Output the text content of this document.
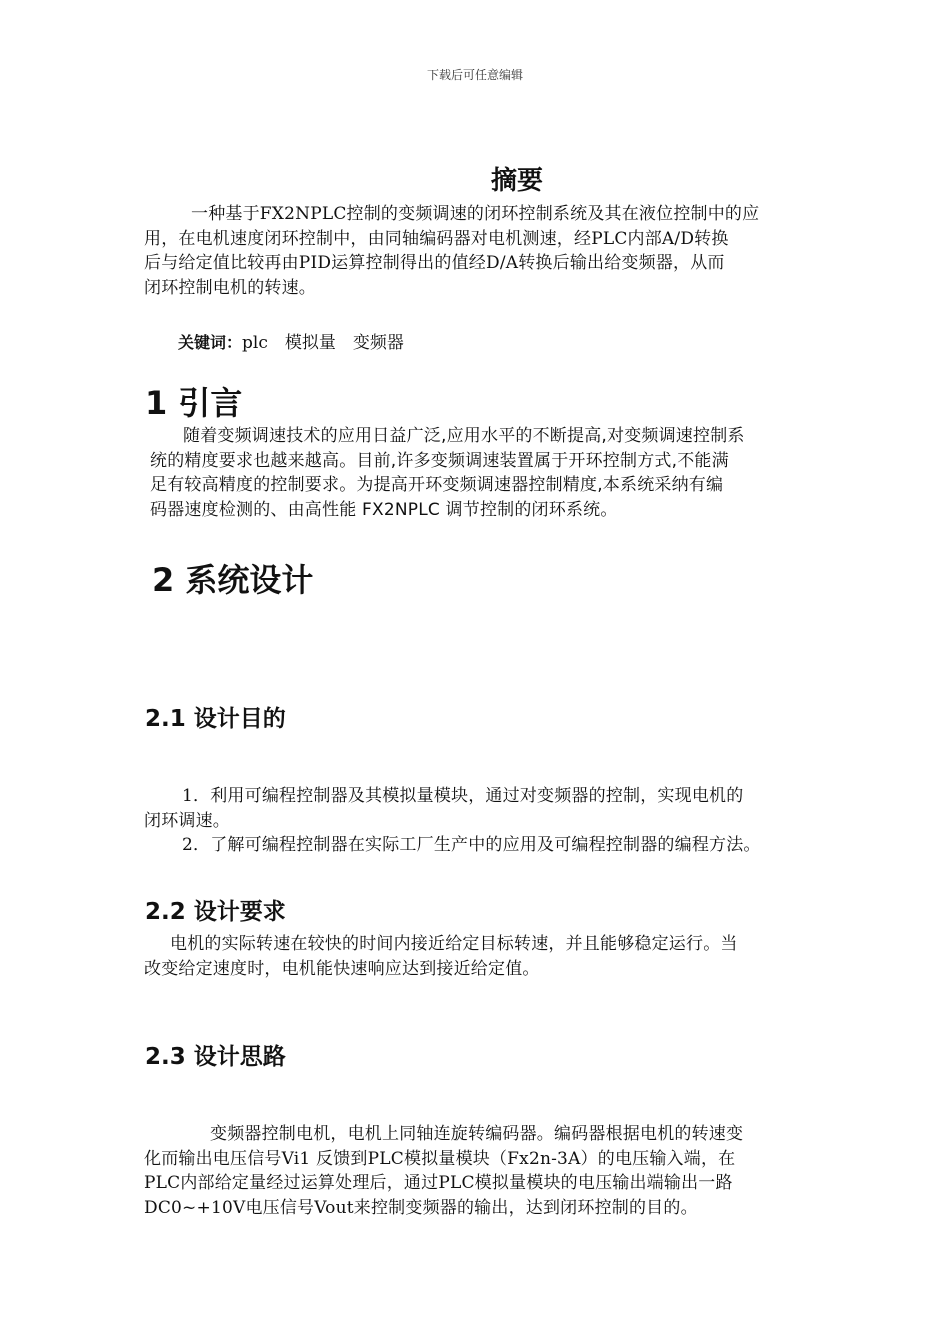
下载后可任意编辑
摘要
一种基于FX2NPLC控制的变频调速的闭环控制系统及其在液位控制中的应
用，在电机速度闭环控制中，由同轴编码器对电机测速，经PLC内部A/D转换
后与给定值比较再由PID运算控制得出的值经D/A转换后输出给变频器，从而
闭环控制电机的转速。
关键词：plc　模拟量　变频器
1 引言
随着变频调速技术的应用日益广泛,应用水平的不断提高,对变频调速控制系
统的精度要求也越来越高。目前,许多变频调速装置属于开环控制方式,不能满
足有较高精度的控制要求。为提高开环变频调速器控制精度,本系统采纳有编
码器速度检测的、由高性能 FX2NPLC 调节控制的闭环系统。
2 系统设计
2.1 设计目的
1．利用可编程控制器及其模拟量模块，通过对变频器的控制，实现电机的
闭环调速。
2．了解可编程控制器在实际工厂生产中的应用及可编程控制器的编程方法。
2.2 设计要求
电机的实际转速在较快的时间内接近给定目标转速，并且能够稳定运行。当
改变给定速度时，电机能快速响应达到接近给定值。
2.3 设计思路
变频器控制电机，电机上同轴连旋转编码器。编码器根据电机的转速变
化而输出电压信号Vi1 反馈到PLC模拟量模块（Fx2n-3A）的电压输入端，在
PLC内部给定量经过运算处理后，通过PLC模拟量模块的电压输出端输出一路
DC0~+10V电压信号Vout来控制变频器的输出，达到闭环控制的目的。
